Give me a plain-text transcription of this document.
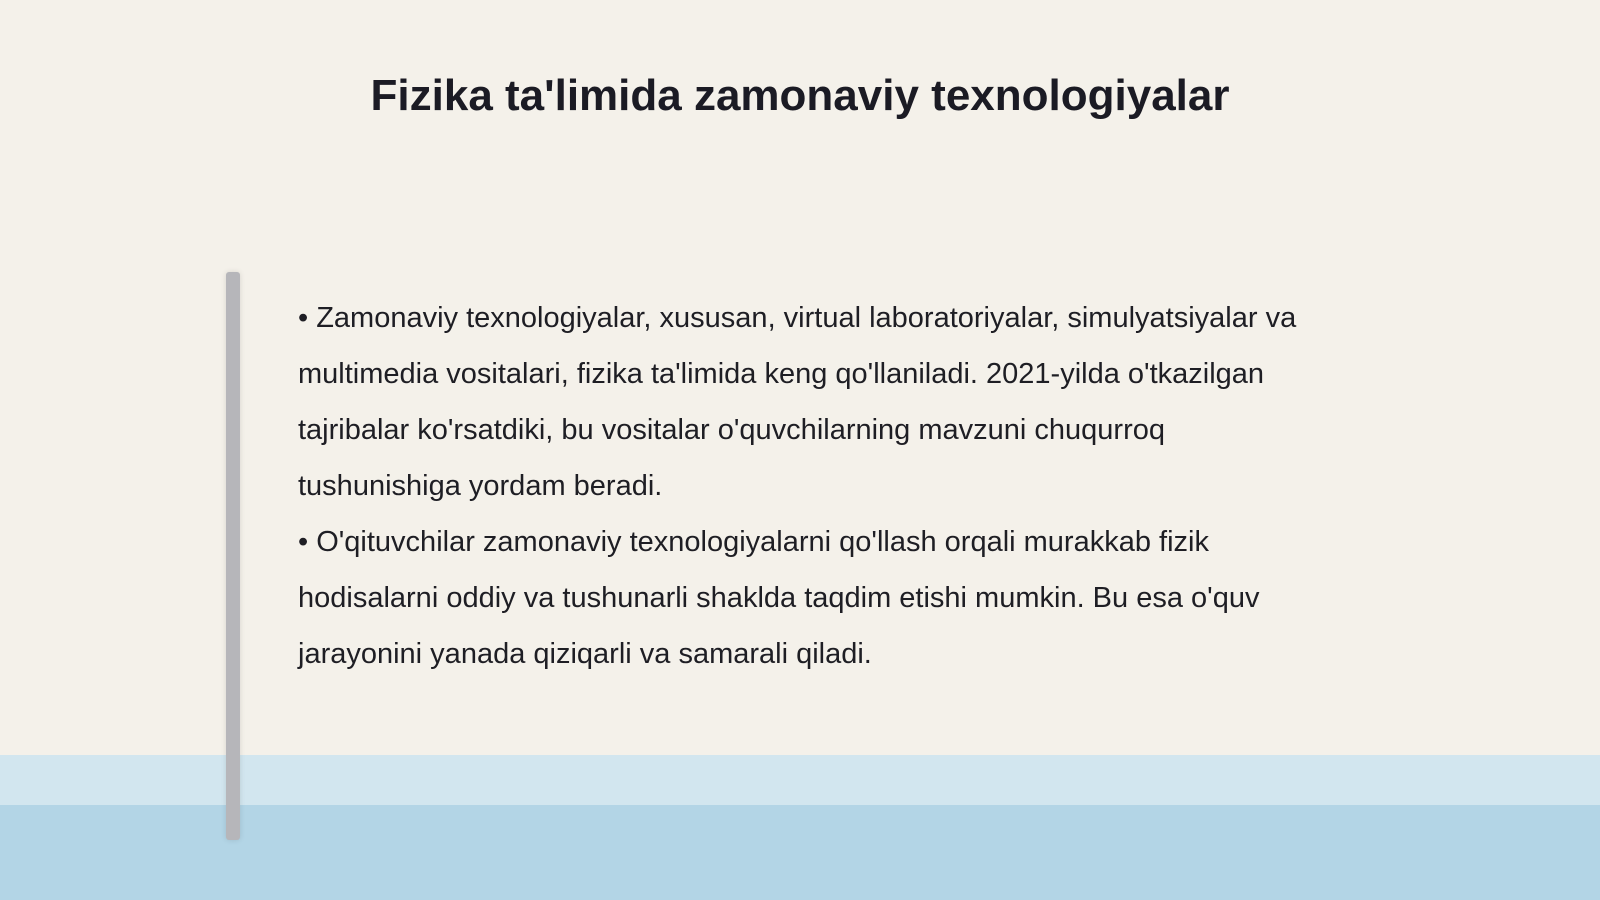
Fizika ta'limida zamonaviy texnologiyalar

• Zamonaviy texnologiyalar, xususan, virtual laboratoriyalar, simulyatsiyalar va multimedia vositalari, fizika ta'limida keng qo'llaniladi. 2021-yilda o'tkazilgan tajribalar ko'rsatdiki, bu vositalar o'quvchilarning mavzuni chuqurroq tushunishiga yordam beradi.

• O'qituvchilar zamonaviy texnologiyalarni qo'llash orqali murakkab fizik hodisalarni oddiy va tushunarli shaklda taqdim etishi mumkin. Bu esa o'quv jarayonini yanada qiziqarli va samarali qiladi.
